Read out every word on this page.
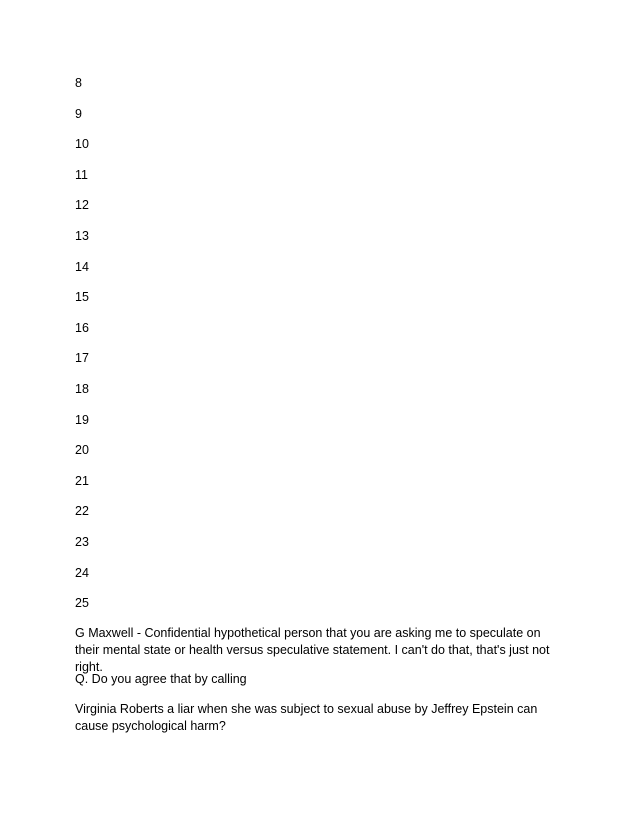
8
9
10
11
12
13
14
15
16
17
18
19
20
21
22
23
24
25

G Maxwell - Confidential hypothetical person that you are asking me to speculate on their mental state or health versus speculative statement. I can't do that, that's just not right.

Q. Do you agree that by calling

Virginia Roberts a liar when she was subject to sexual abuse by Jeffrey Epstein can cause psychological harm?
